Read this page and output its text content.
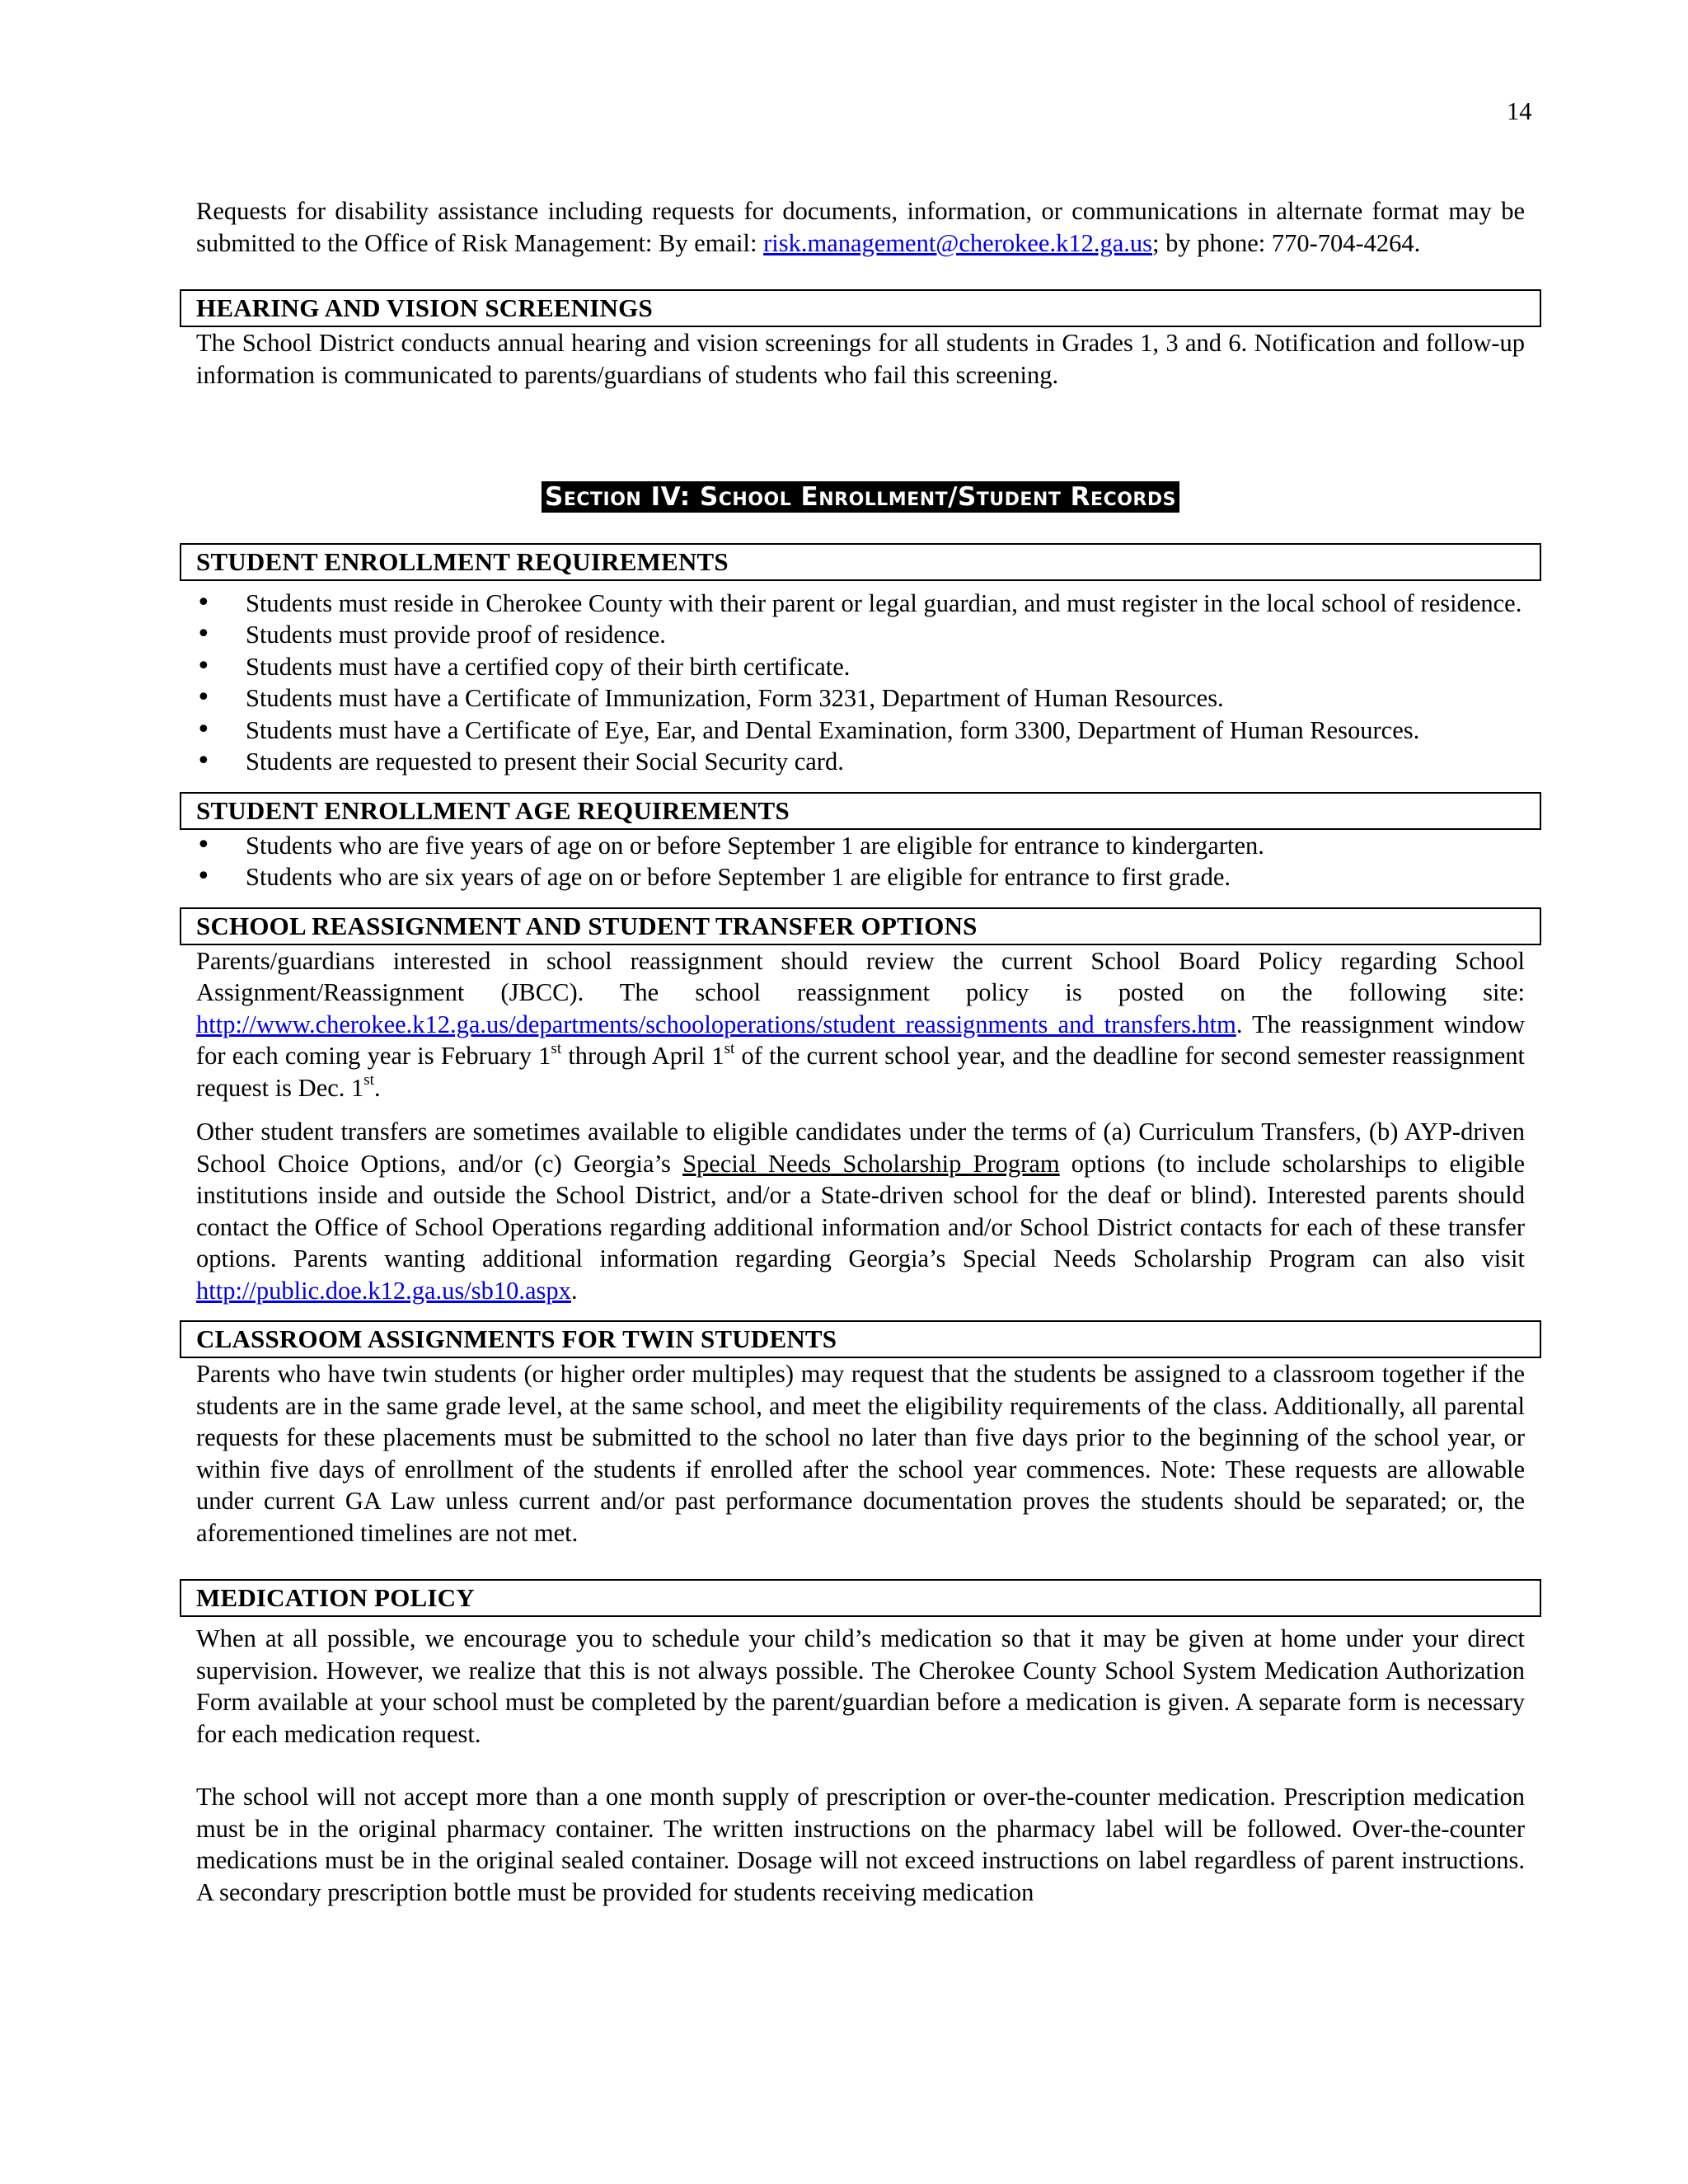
14

Requests for disability assistance including requests for documents, information, or communications in alternate format may be submitted to the Office of Risk Management: By email: risk.management@cherokee.k12.ga.us; by phone: 770-704-4264.

HEARING AND VISION SCREENINGS

The School District conducts annual hearing and vision screenings for all students in Grades 1, 3 and 6. Notification and follow-up information is communicated to parents/guardians of students who fail this screening.

Section IV: School Enrollment/Student Records

STUDENT ENROLLMENT REQUIREMENTS
• Students must reside in Cherokee County with their parent or legal guardian, and must register in the local school of residence.
• Students must provide proof of residence.
• Students must have a certified copy of their birth certificate.
• Students must have a Certificate of Immunization, Form 3231, Department of Human Resources.
• Students must have a Certificate of Eye, Ear, and Dental Examination, form 3300, Department of Human Resources.
• Students are requested to present their Social Security card.
STUDENT ENROLLMENT AGE REQUIREMENTS
• Students who are five years of age on or before September 1 are eligible for entrance to kindergarten.
• Students who are six years of age on or before September 1 are eligible for entrance to first grade.
SCHOOL REASSIGNMENT AND STUDENT TRANSFER OPTIONS

Parents/guardians interested in school reassignment should review the current School Board Policy regarding School Assignment/Reassignment (JBCC). The school reassignment policy is posted on the following site: http://www.cherokee.k12.ga.us/departments/schooloperations/student reassignments and transfers.htm. The reassignment window for each coming year is February 1st through April 1st of the current school year, and the deadline for second semester reassignment request is Dec. 1st.

Other student transfers are sometimes available to eligible candidates under the terms of (a) Curriculum Transfers, (b) AYP-driven School Choice Options, and/or (c) Georgia’s Special Needs Scholarship Program options (to include scholarships to eligible institutions inside and outside the School District, and/or a State-driven school for the deaf or blind). Interested parents should contact the Office of School Operations regarding additional information and/or School District contacts for each of these transfer options. Parents wanting additional information regarding Georgia’s Special Needs Scholarship Program can also visit http://public.doe.k12.ga.us/sb10.aspx.

CLASSROOM ASSIGNMENTS FOR TWIN STUDENTS

Parents who have twin students (or higher order multiples) may request that the students be assigned to a classroom together if the students are in the same grade level, at the same school, and meet the eligibility requirements of the class. Additionally, all parental requests for these placements must be submitted to the school no later than five days prior to the beginning of the school year, or within five days of enrollment of the students if enrolled after the school year commences. Note: These requests are allowable under current GA Law unless current and/or past performance documentation proves the students should be separated; or, the aforementioned timelines are not met.

MEDICATION POLICY

When at all possible, we encourage you to schedule your child’s medication so that it may be given at home under your direct supervision. However, we realize that this is not always possible. The Cherokee County School System Medication Authorization Form available at your school must be completed by the parent/guardian before a medication is given. A separate form is necessary for each medication request.

The school will not accept more than a one month supply of prescription or over-the-counter medication. Prescription medication must be in the original pharmacy container. The written instructions on the pharmacy label will be followed. Over-the-counter medications must be in the original sealed container. Dosage will not exceed instructions on label regardless of parent instructions. A secondary prescription bottle must be provided for students receiving medication
